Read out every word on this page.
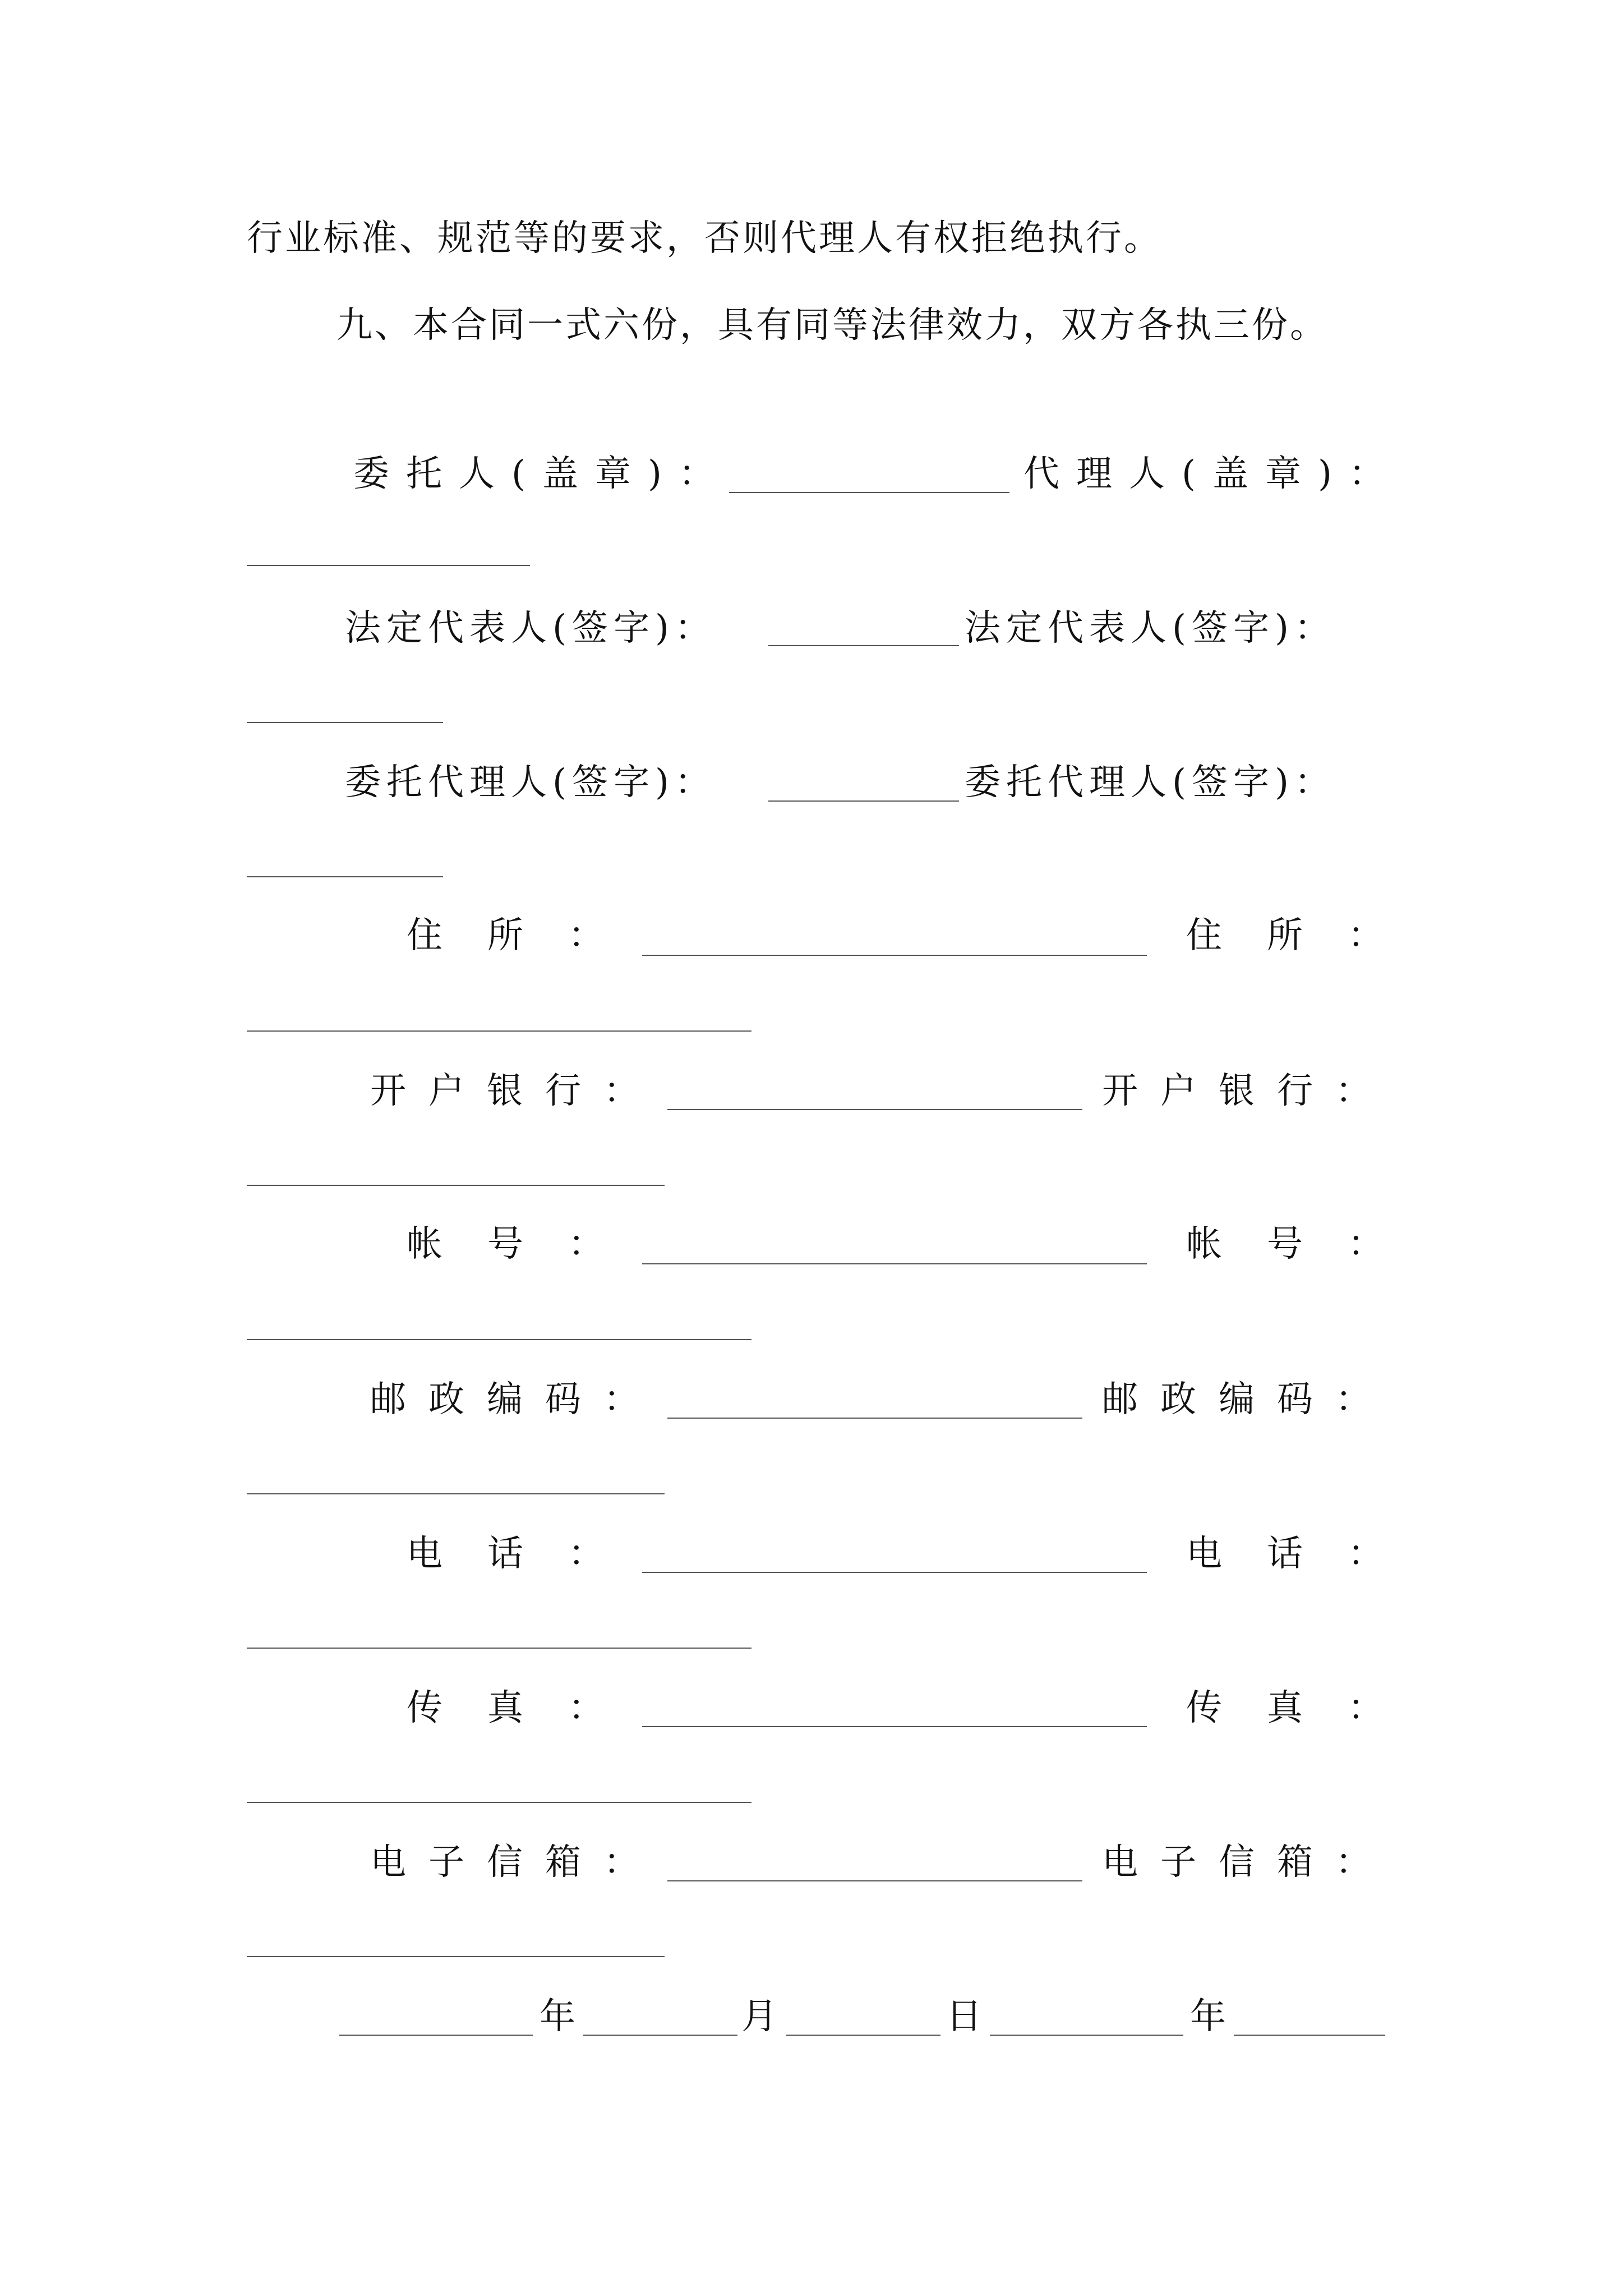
行业标准、规范等的要求，否则代理人有权拒绝执行。
九、本合同一式六份，具有同等法律效力，双方各执三份。
委托人(盖章)：	代理人(盖章)：
法定代表人(签字)：	法定代表人(签字)：
委托代理人(签字)：	委托代理人(签字)：
住所：	住所：
开户银行：	开户银行：
帐号：	帐号：
邮政编码：	邮政编码：
电话：	电话：
传真：	传真：
电子信箱：	电子信箱：
年	月	日	年
